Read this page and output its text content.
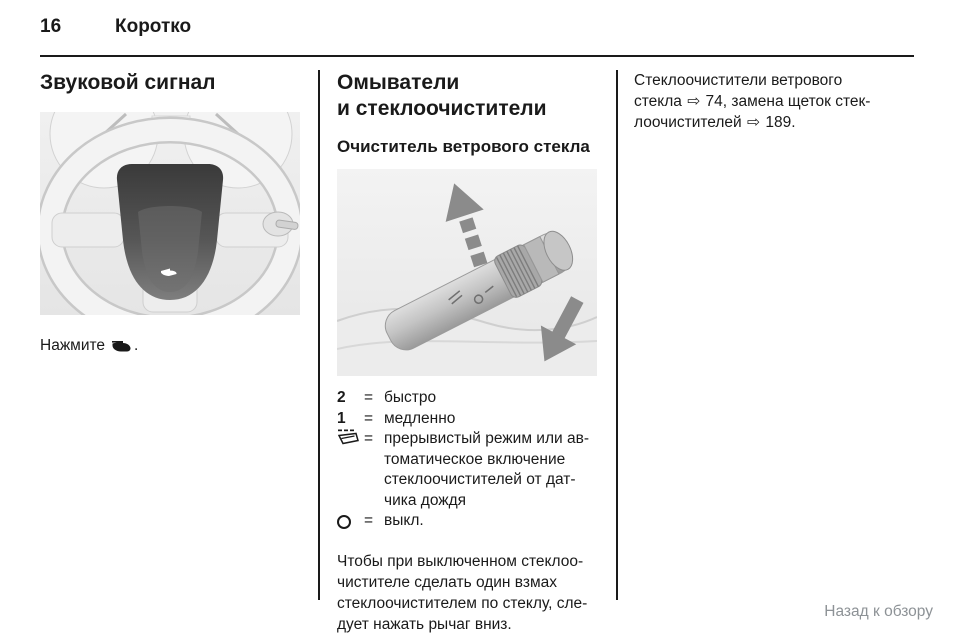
16	Коротко
Звуковой сигнал
Нажмите .
Омыватели
и стеклоочистители
Очиститель ветрового стекла
2	= быстро
1	= медленно
= прерывистый режим или ав-
томатическое включение
стеклоочистителей от дат-
чика дождя
= выкл.
Чтобы при выключенном стеклоо-
чистителе сделать один взмах
стеклоочистителем по стеклу, сле-
дует нажать рычаг вниз.
Стеклоочистители ветрового
стекла ⇨ 74, замена щеток стек-
лоочистителей ⇨ 189.
Назад к обзору
